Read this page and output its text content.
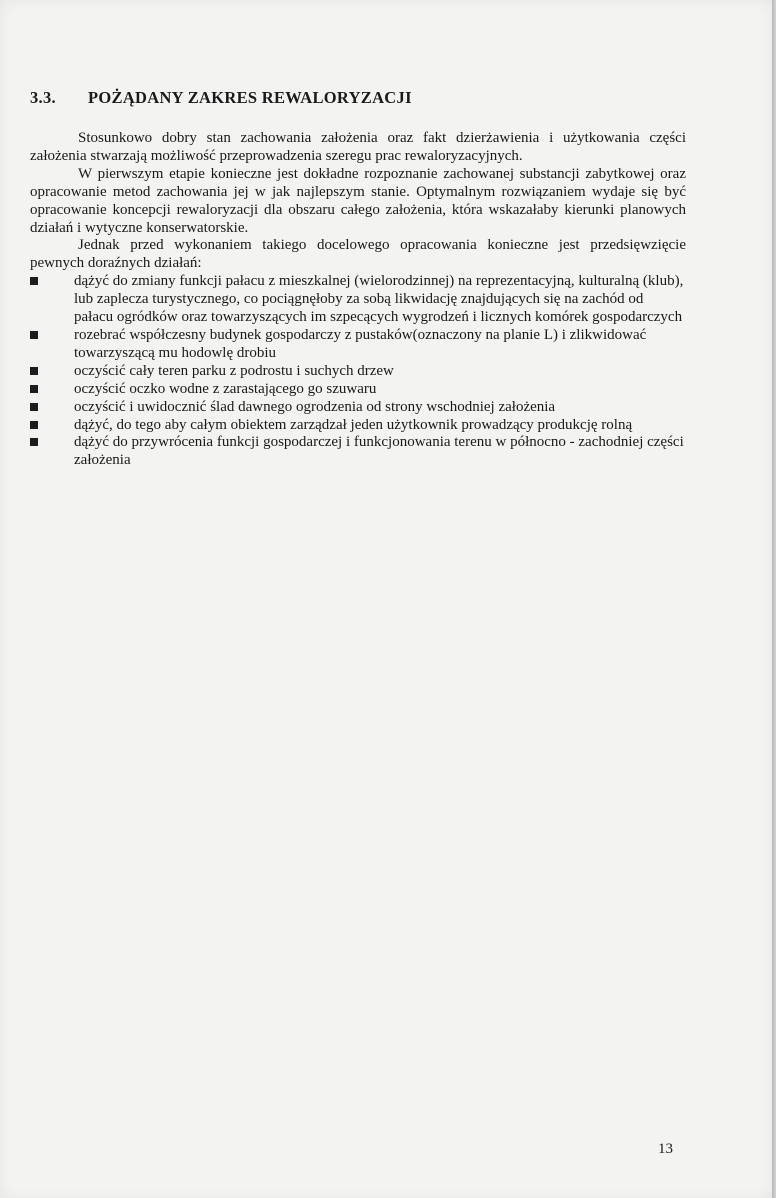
3.3. POŻĄDANY ZAKRES REWALORYZACJI

Stosunkowo dobry stan zachowania założenia oraz fakt dzierżawienia i użytkowania części założenia stwarzają możliwość przeprowadzenia szeregu prac rewaloryzacyjnych.

W pierwszym etapie konieczne jest dokładne rozpoznanie zachowanej substancji zabytkowej oraz opracowanie metod zachowania jej w jak najlepszym stanie. Optymalnym rozwiązaniem wydaje się być opracowanie koncepcji rewaloryzacji dla obszaru całego założenia, która wskazałaby kierunki planowych działań i wytyczne konserwatorskie.

Jednak przed wykonaniem takiego docelowego opracowania konieczne jest przedsięwzięcie pewnych doraźnych działań:

dążyć do zmiany funkcji pałacu z mieszkalnej (wielorodzinnej) na reprezentacyjną, kulturalną (klub), lub zaplecza turystycznego, co pociągnęłoby za sobą likwidację znajdujących się na zachód od pałacu ogródków oraz towarzyszących im szpecących wygrodzeń i licznych komórek gospodarczych
rozebrać współczesny budynek gospodarczy z pustaków(oznaczony na planie L) i zlikwidować towarzyszącą mu hodowlę drobiu
oczyścić cały teren parku z podrostu i suchych drzew
oczyścić oczko wodne z zarastającego go szuwaru
oczyścić i uwidocznić ślad dawnego ogrodzenia od strony wschodniej założenia
dążyć, do tego aby całym obiektem zarządzał jeden użytkownik prowadzący produkcję rolną
dążyć do przywrócenia funkcji gospodarczej i funkcjonowania terenu w północno - zachodniej części założenia
13
